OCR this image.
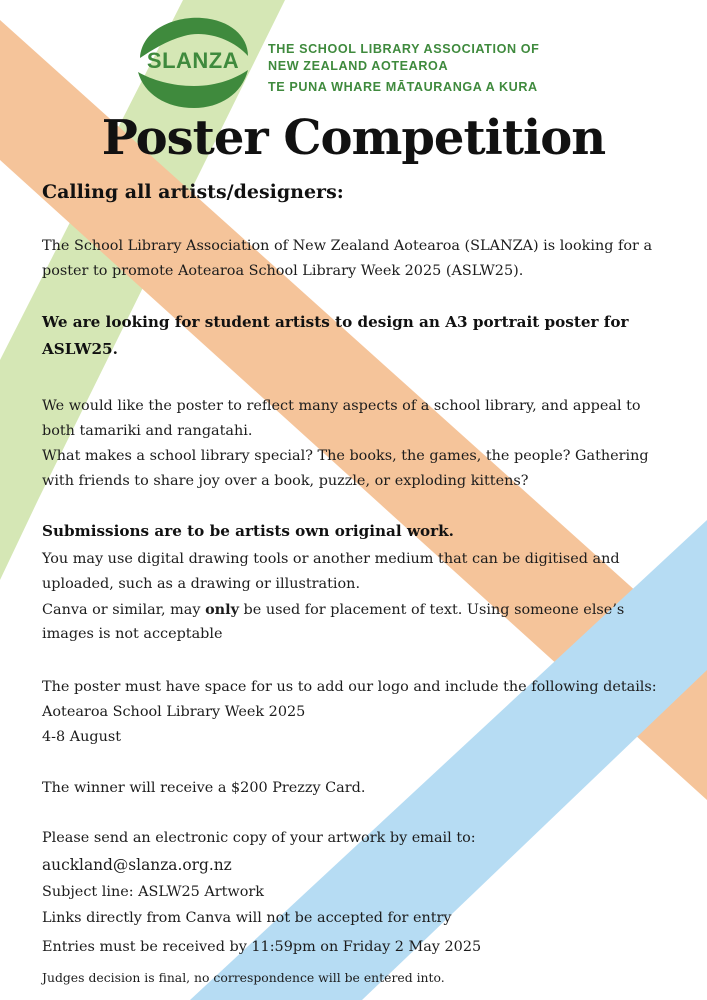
SLANZA	THE SCHOOL LIBRARY ASSOCIATION OF
NEW ZEALAND AOTEAROA
TE PUNA WHARE MĀTAURANGA A KURA
Poster Competition
Calling all artists/designers:
The School Library Association of New Zealand Aotearoa (SLANZA) is looking for a
poster to promote Aotearoa School Library Week 2025 (ASLW25).
We are looking for student artists to design an A3 portrait poster for
ASLW25.
We would like the poster to reflect many aspects of a school library, and appeal to
both tamariki and rangatahi.
What makes a school library special? The books, the games, the people? Gathering
with friends to share joy over a book, puzzle, or exploding kittens?
Submissions are to be artists own original work.
You may use digital drawing tools or another medium that can be digitised and
uploaded, such as a drawing or illustration.
Canva or similar, may only be used for placement of text. Using someone else’s
images is not acceptable
The poster must have space for us to add our logo and include the following details:
Aotearoa School Library Week 2025
4-8 August
The winner will receive a $200 Prezzy Card.
Please send an electronic copy of your artwork by email to:
auckland@slanza.org.nz
Subject line: ASLW25 Artwork
Links directly from Canva will not be accepted for entry
Entries must be received by 11:59pm on Friday 2 May 2025
Judges decision is final, no correspondence will be entered into.
